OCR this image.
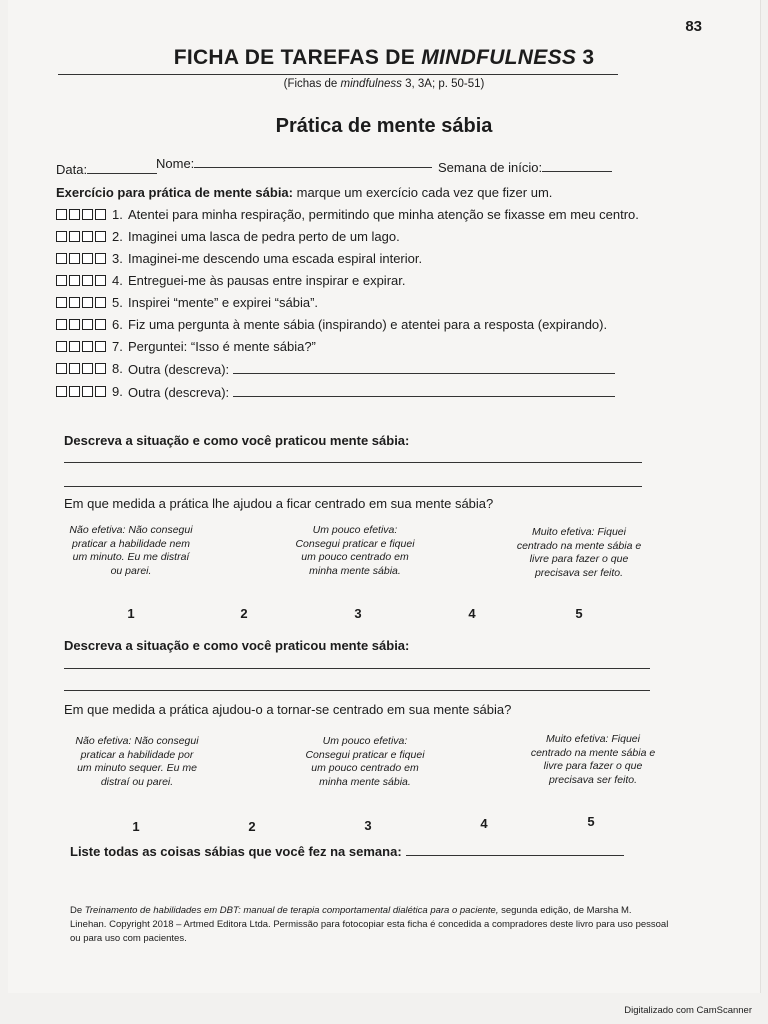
83
FICHA DE TAREFAS DE MINDFULNESS 3
(Fichas de mindfulness 3, 3A; p. 50-51)
Prática de mente sábia
Data:	Nome:	Semana de início:
Exercício para prática de mente sábia: marque um exercício cada vez que fizer um.
1. Atentei para minha respiração, permitindo que minha atenção se fixasse em meu centro.
2. Imaginei uma lasca de pedra perto de um lago.
3. Imaginei-me descendo uma escada espiral interior.
4. Entreguei-me às pausas entre inspirar e expirar.
5. Inspirei “mente” e expirei “sábia”.
6. Fiz uma pergunta à mente sábia (inspirando) e atentei para a resposta (expirando).
7. Perguntei: “Isso é mente sábia?”
8. Outra (descreva):
9. Outra (descreva):
Descreva a situação e como você praticou mente sábia:
Em que medida a prática lhe ajudou a ficar centrado em sua mente sábia?
Não efetiva: Não consegui praticar a habilidade nem um minuto. Eu me distraí ou parei.
Um pouco efetiva: Consegui praticar e fiquei um pouco centrado em minha mente sábia.
Muito efetiva: Fiquei centrado na mente sábia e livre para fazer o que precisava ser feito.
1	2	3	4	5
Descreva a situação e como você praticou mente sábia:
Em que medida a prática ajudou-o a tornar-se centrado em sua mente sábia?
Não efetiva: Não consegui praticar a habilidade por um minuto sequer. Eu me distraí ou parei.
Um pouco efetiva: Consegui praticar e fiquei um pouco centrado em minha mente sábia.
Muito efetiva: Fiquei centrado na mente sábia e livre para fazer o que precisava ser feito.
1	2	3	4	5
Liste todas as coisas sábias que você fez na semana:
De Treinamento de habilidades em DBT: manual de terapia comportamental dialética para o paciente, segunda edição, de Marsha M. Linehan. Copyright 2018 – Artmed Editora Ltda. Permissão para fotocopiar esta ficha é concedida a compradores deste livro para uso pessoal ou para uso com pacientes.
Digitalizado com CamScanner
